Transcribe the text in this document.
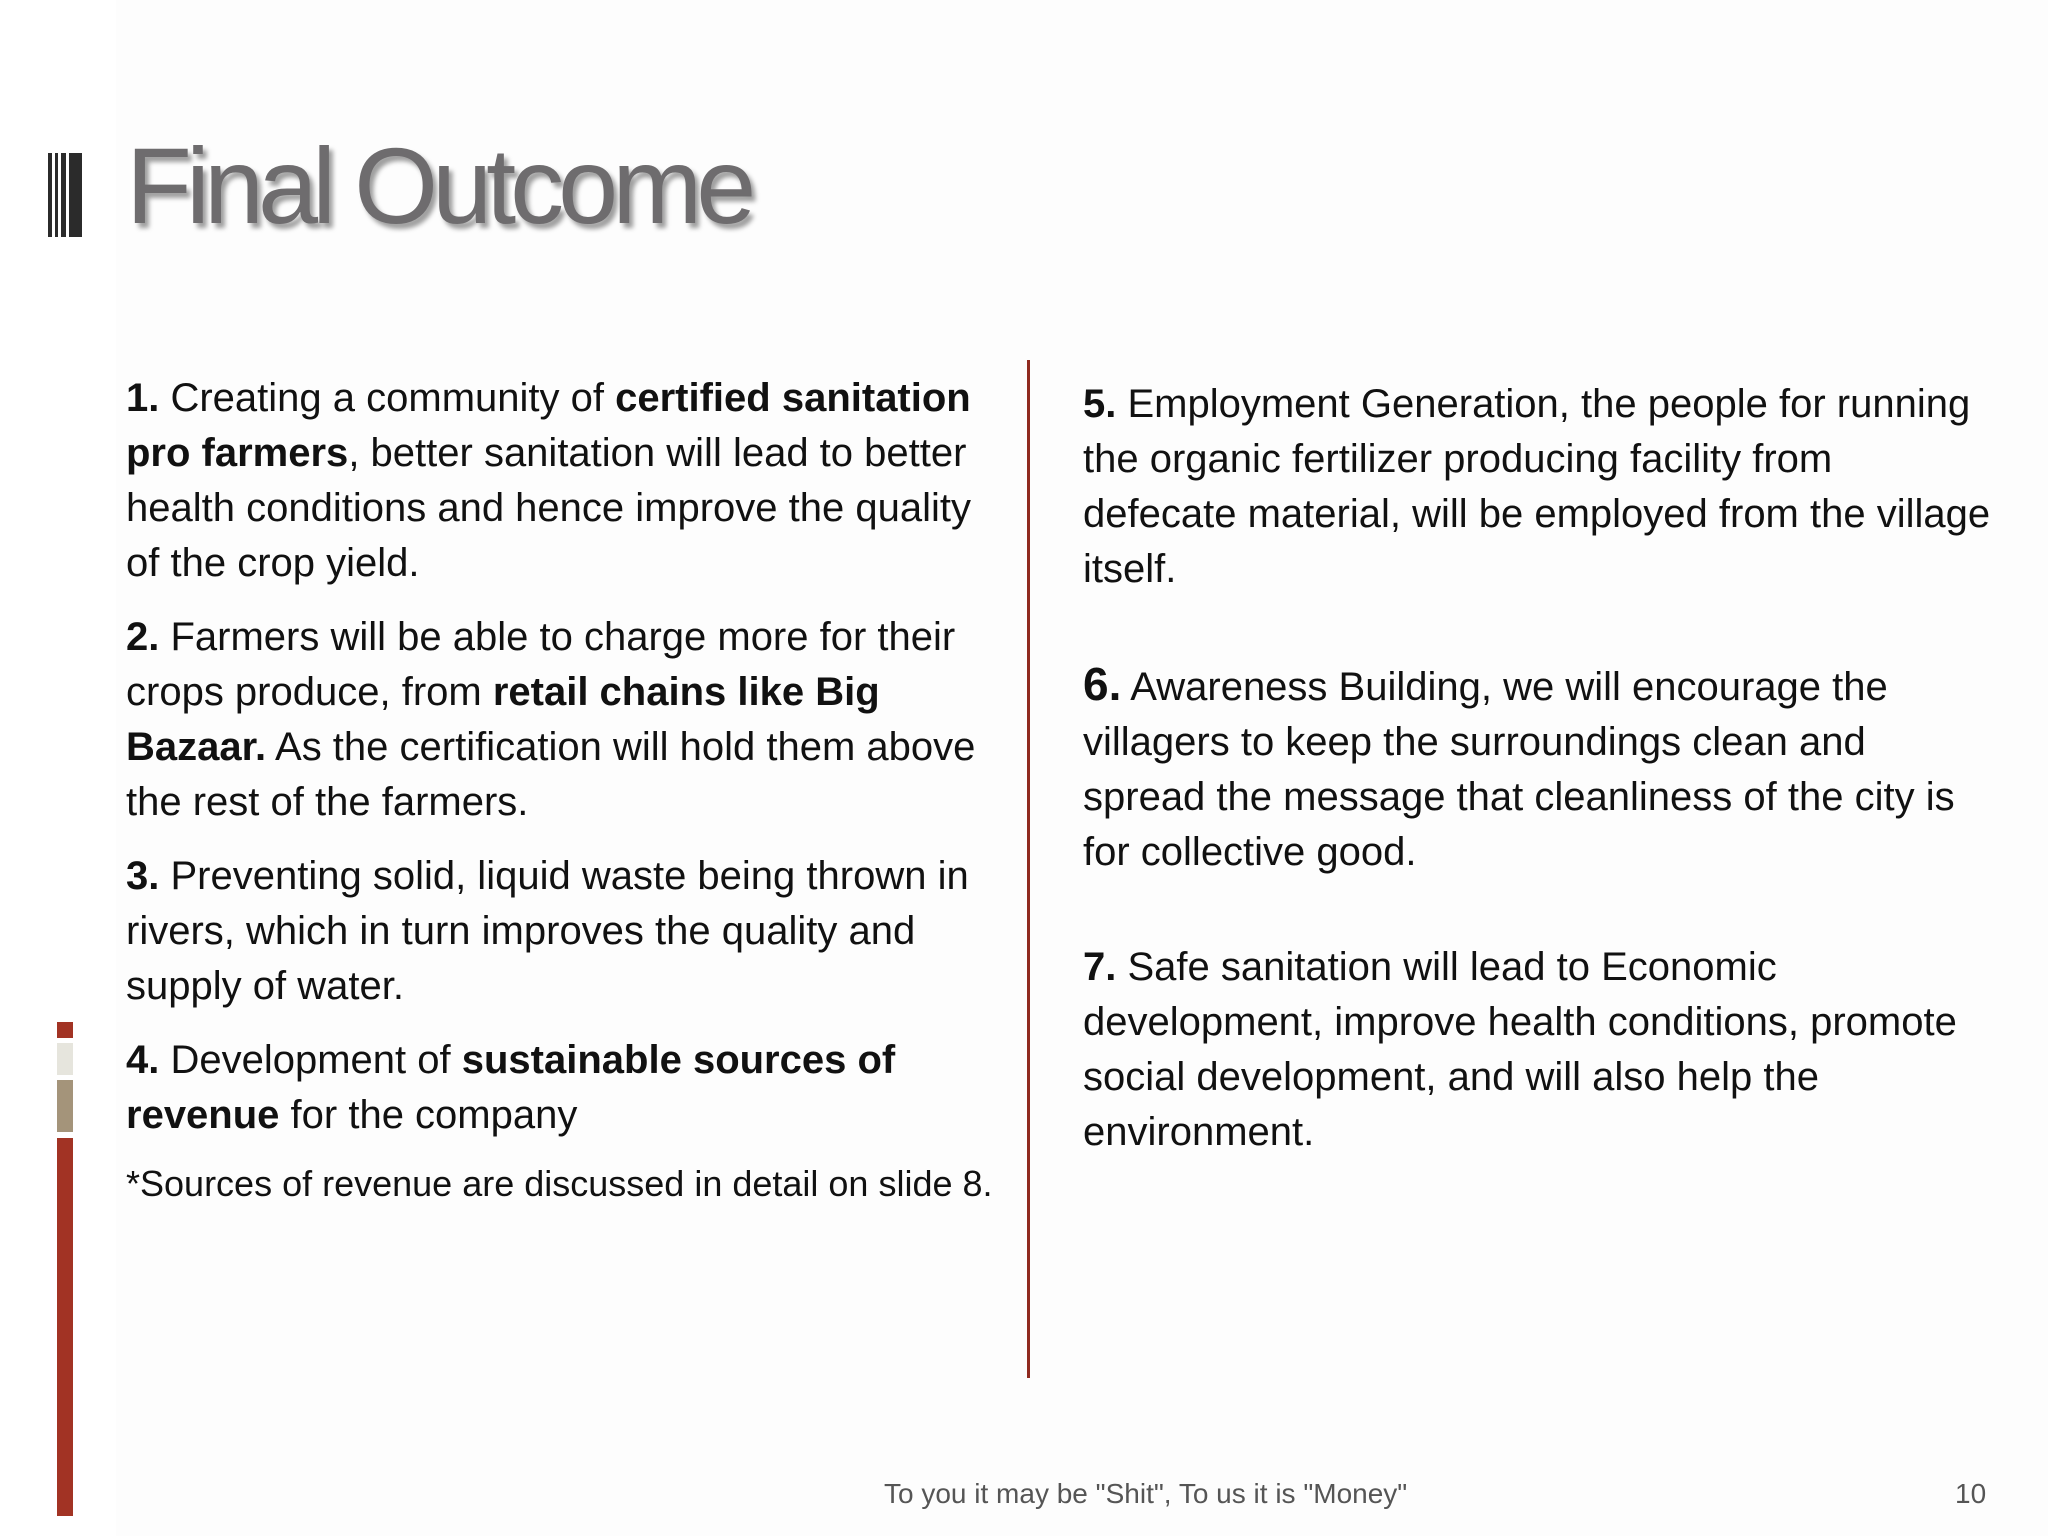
Final Outcome

1. Creating a community of certified sanitation pro farmers, better sanitation will lead to better health conditions and hence improve the quality of the crop yield.

2. Farmers will be able to charge more for their crops produce, from retail chains like Big Bazaar. As the certification will hold them above the rest of the farmers.

3. Preventing solid, liquid waste being thrown in rivers, which in turn improves the quality and supply of water.

4. Development of sustainable sources of revenue for the company

*Sources of revenue are discussed in detail on slide 8.

5. Employment Generation, the people for running the organic fertilizer producing facility from defecate material, will be employed from the village itself.

6. Awareness Building, we will encourage the villagers to keep the surroundings clean and spread the message that cleanliness of the city is for collective good.

7. Safe sanitation will lead to Economic development, improve health conditions, promote social development, and will also help the environment.

To you it may be "Shit", To us it is "Money"	10
